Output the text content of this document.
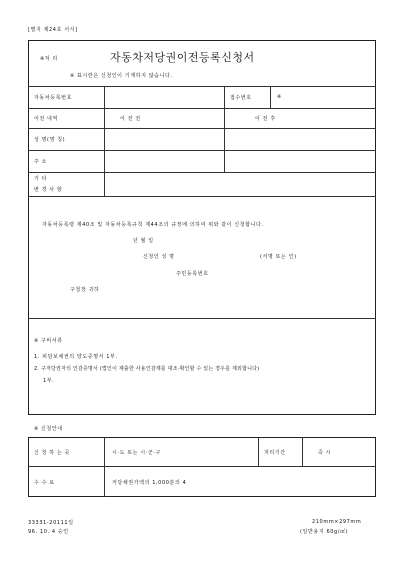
[별지 제24호 서식]
※처 리	자동차저당권이전등록신청서
※ 표시란은 신청인이 기재하지 않습니다.
자동차등록번호	접수번호	※
이전 내역	이 전 전	이 전 후
성 명(명 칭)
주 소
기 타
변 경 사 항
자동차등록령 제40조 및 자동차등록규칙 제44조의 규정에 의하여 위와 같이 신청합니다.
년 월 일
신청인 성 명	(서명 또는 인)
주민등록번호
구청장 귀하
※ 구비서류
1. 피담보채권의 양도증명서 1부.
2. 구저당권자의 인감증명서 (법인이 제출한 사용인감계를 대조·확인할 수 있는 경우를 제외합니다)
1부.
※ 신청안내
신 청 하 는 곳	시·도 또는 시·군·구	처리기간	즉 시
수 수 료	저당채권가액의 1,000분의 4
33331-20111일
96. 10. 4 승인
210mm×297mm
(일반용지 60g/㎡)
